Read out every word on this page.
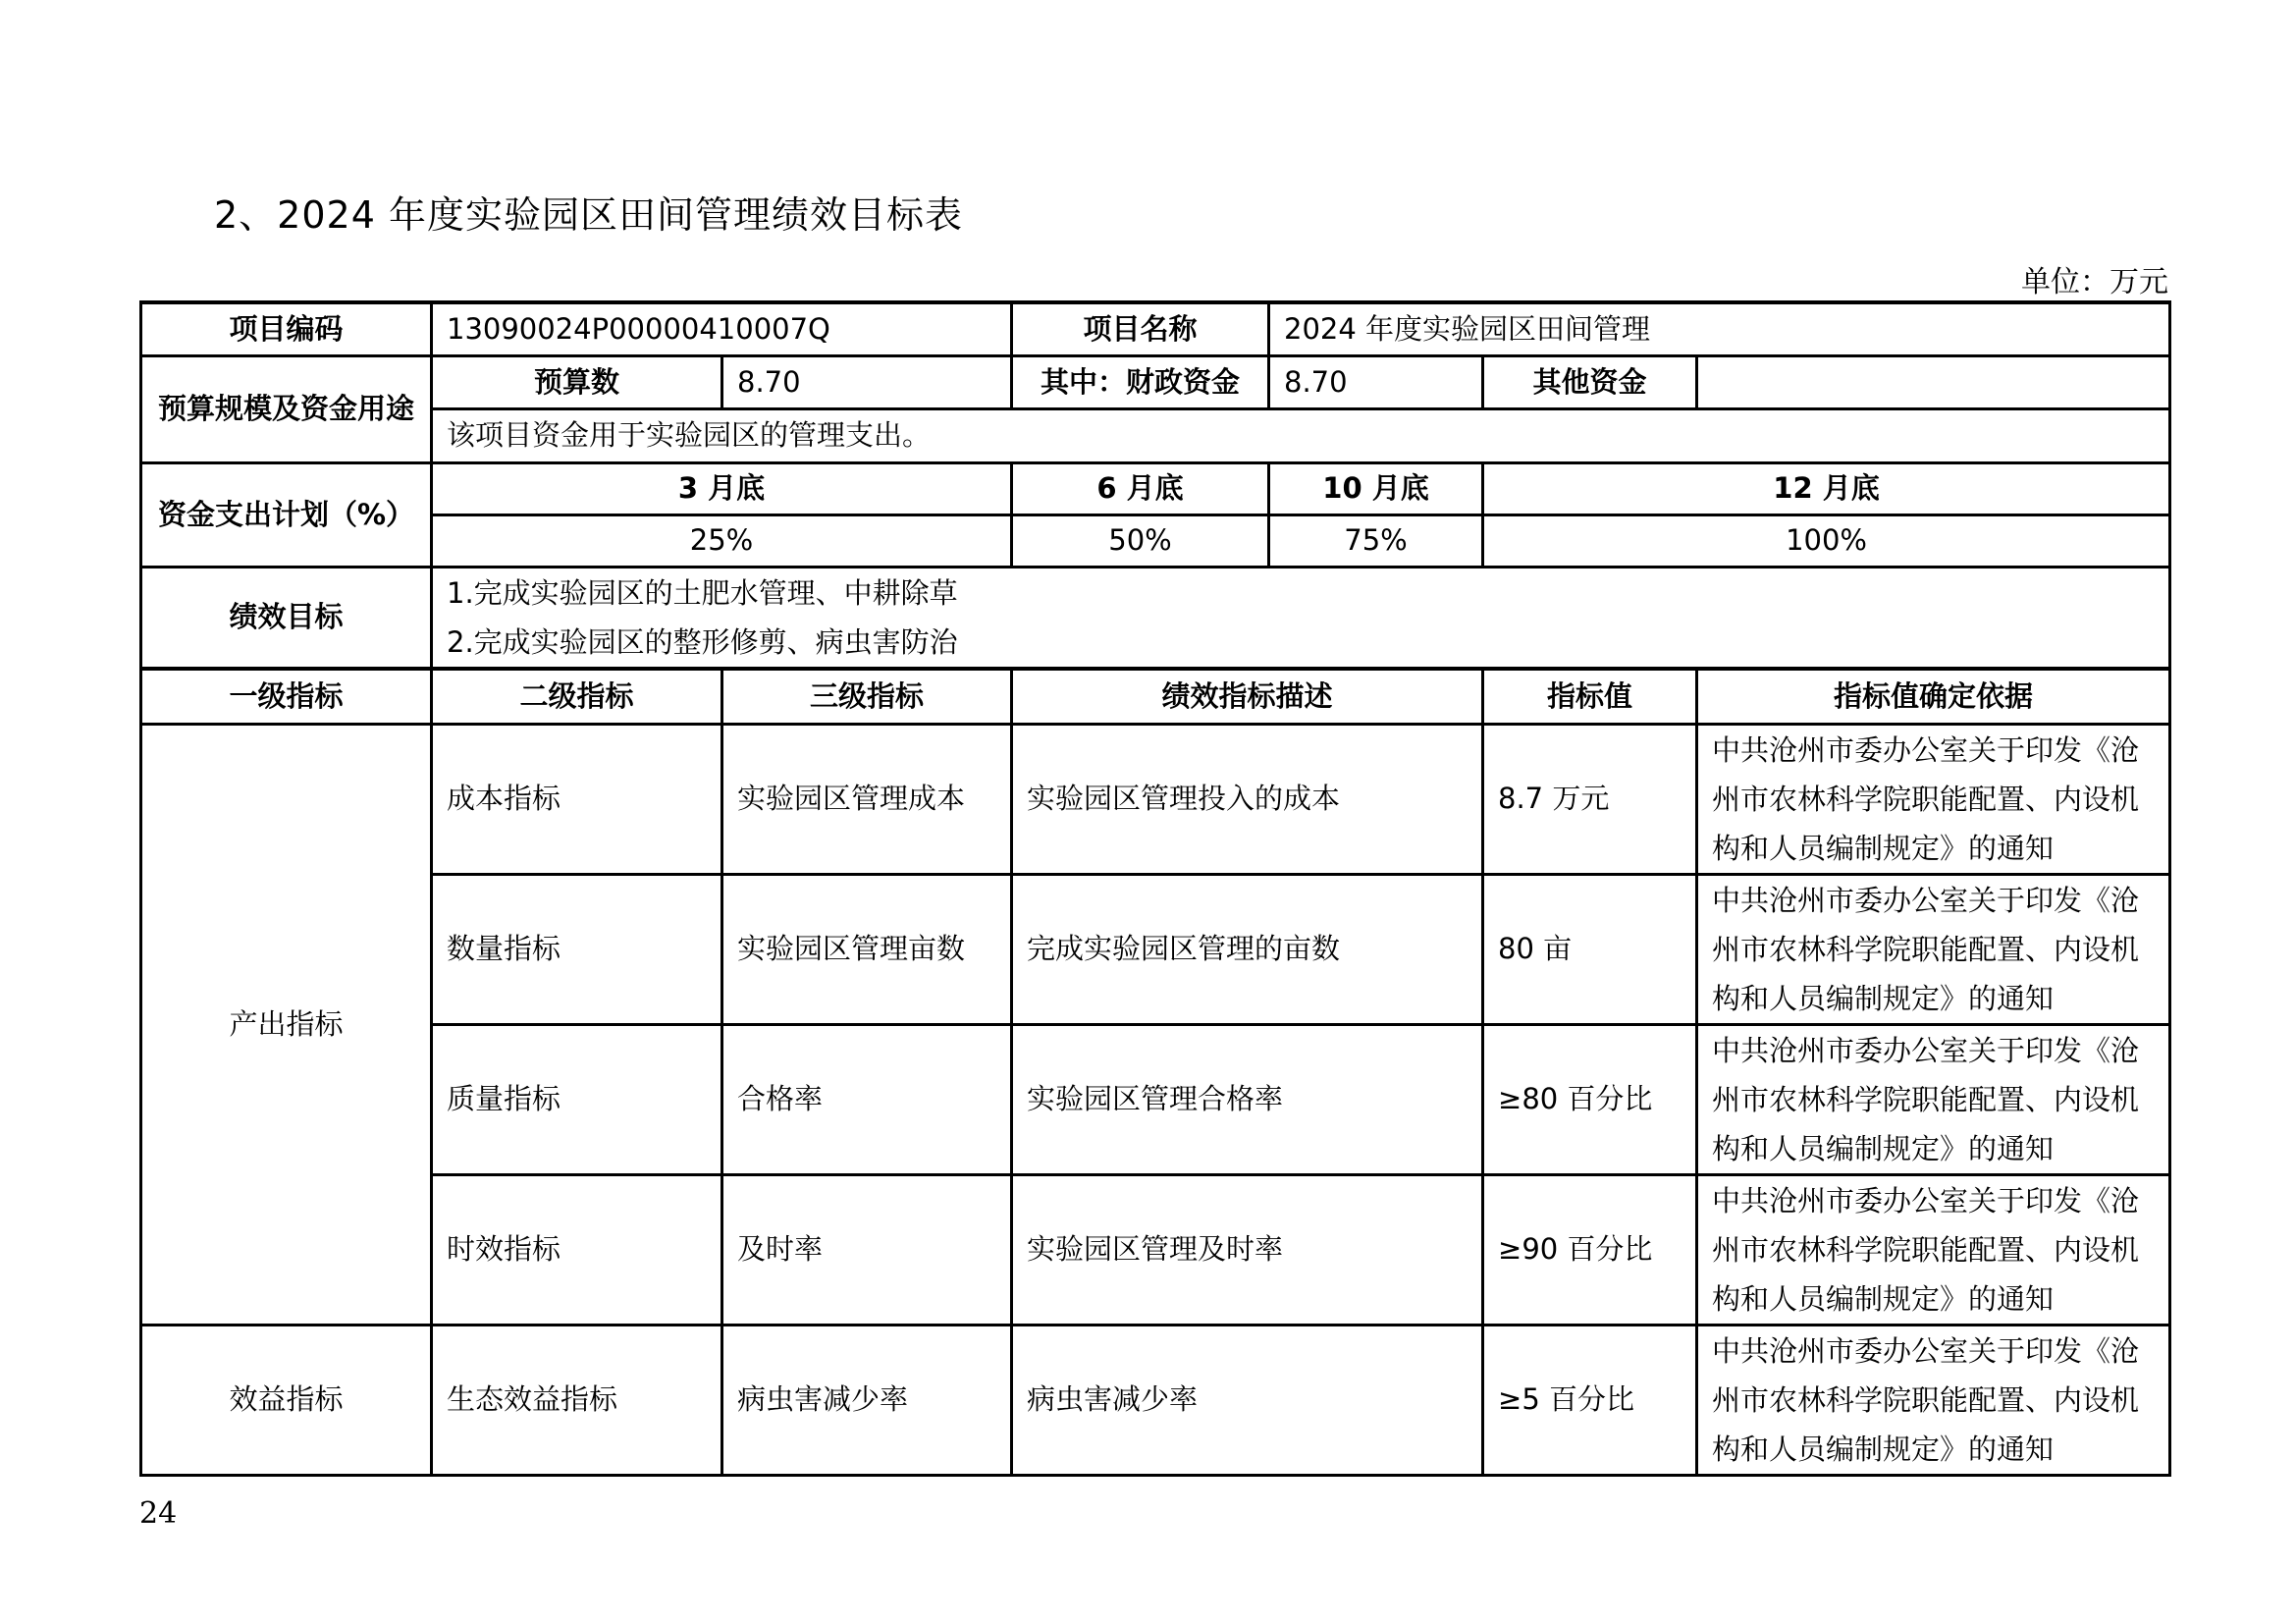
2、2024 年度实验园区田间管理绩效目标表
单位：万元
项目编码	13090024P00000410007Q		项目名称	2024 年度实验园区田间管理		
预算规模及资金用途	预算数	8.70	其中：财政资金	8.70	其他资金	
	该项目资金用于实验园区的管理支出。					
资金支出计划（%）	3 月底		6 月底	10 月底	12 月底	
	25%		50%	75%	100%	
绩效目标	1.完成实验园区的土肥水管理、中耕除草
2.完成实验园区的整形修剪、病虫害防治					

一级指标	二级指标	三级指标	绩效指标描述		指标值	指标值确定依据
产出指标	成本指标	实验园区管理成本	实验园区管理投入的成本		8.7 万元	中共沧州市委办公室关于印发《沧
州市农林科学院职能配置、内设机
构和人员编制规定》的通知
	数量指标	实验园区管理亩数	完成实验园区管理的亩数		80 亩	中共沧州市委办公室关于印发《沧
州市农林科学院职能配置、内设机
构和人员编制规定》的通知
	质量指标	合格率	实验园区管理合格率		≥80 百分比	中共沧州市委办公室关于印发《沧
州市农林科学院职能配置、内设机
构和人员编制规定》的通知
	时效指标	及时率	实验园区管理及时率		≥90 百分比	中共沧州市委办公室关于印发《沧
州市农林科学院职能配置、内设机
构和人员编制规定》的通知
效益指标	生态效益指标	病虫害减少率	病虫害减少率		≥5 百分比	中共沧州市委办公室关于印发《沧
州市农林科学院职能配置、内设机
构和人员编制规定》的通知
24
